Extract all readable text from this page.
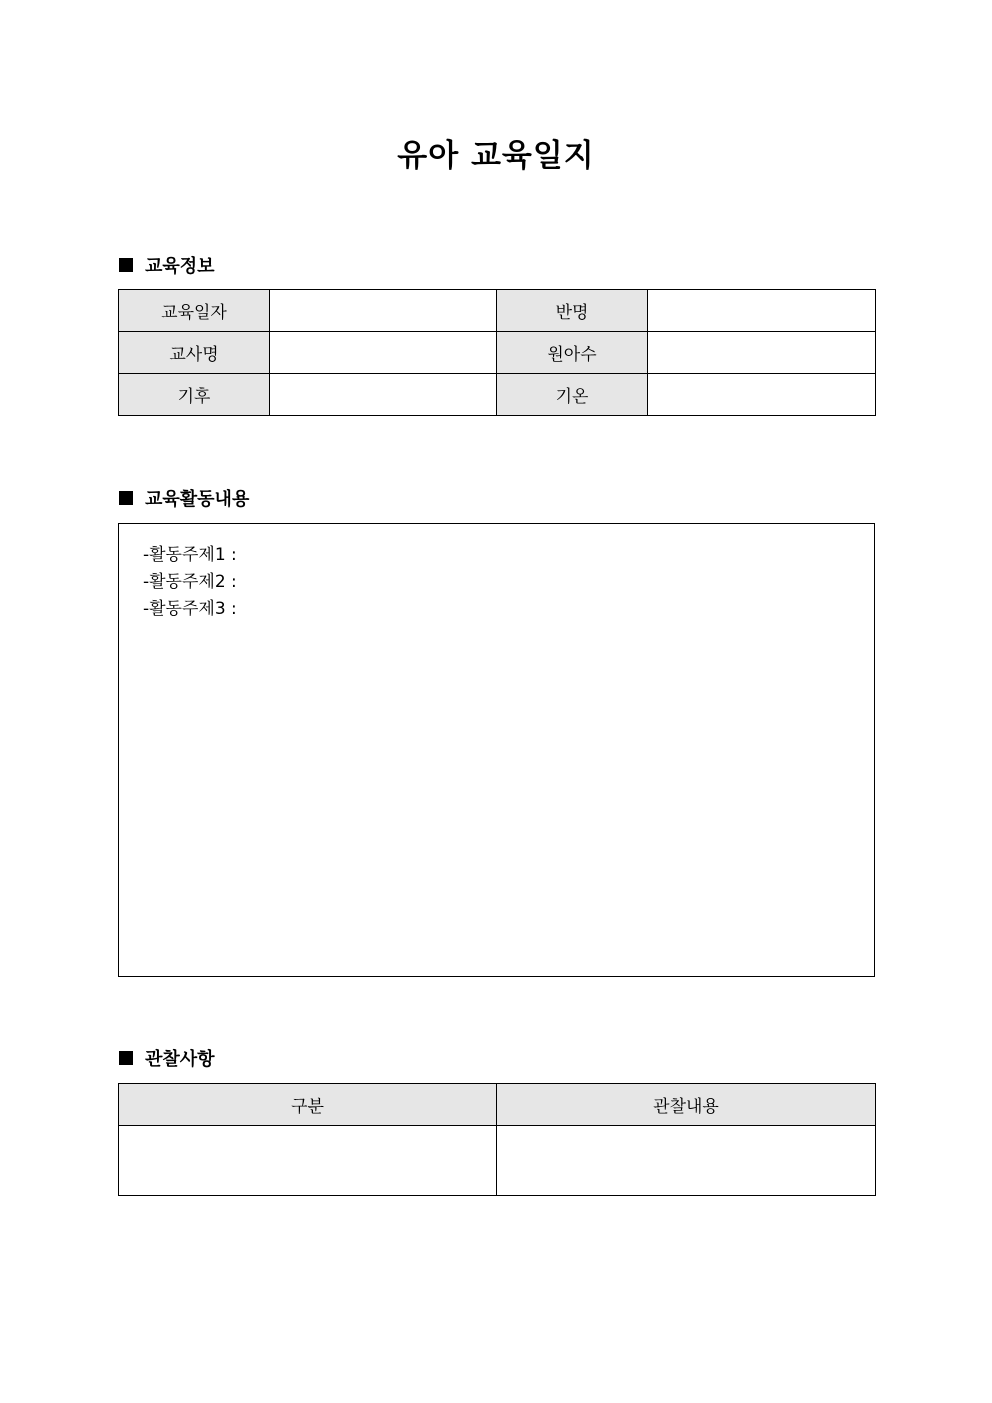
유아 교육일지
교육정보
교육일자		반명	
교사명		원아수	
기후		기온	
교육활동내용
-활동주제1 :
-활동주제2 :
-활동주제3 :
관찰사항
구분	관찰내용
